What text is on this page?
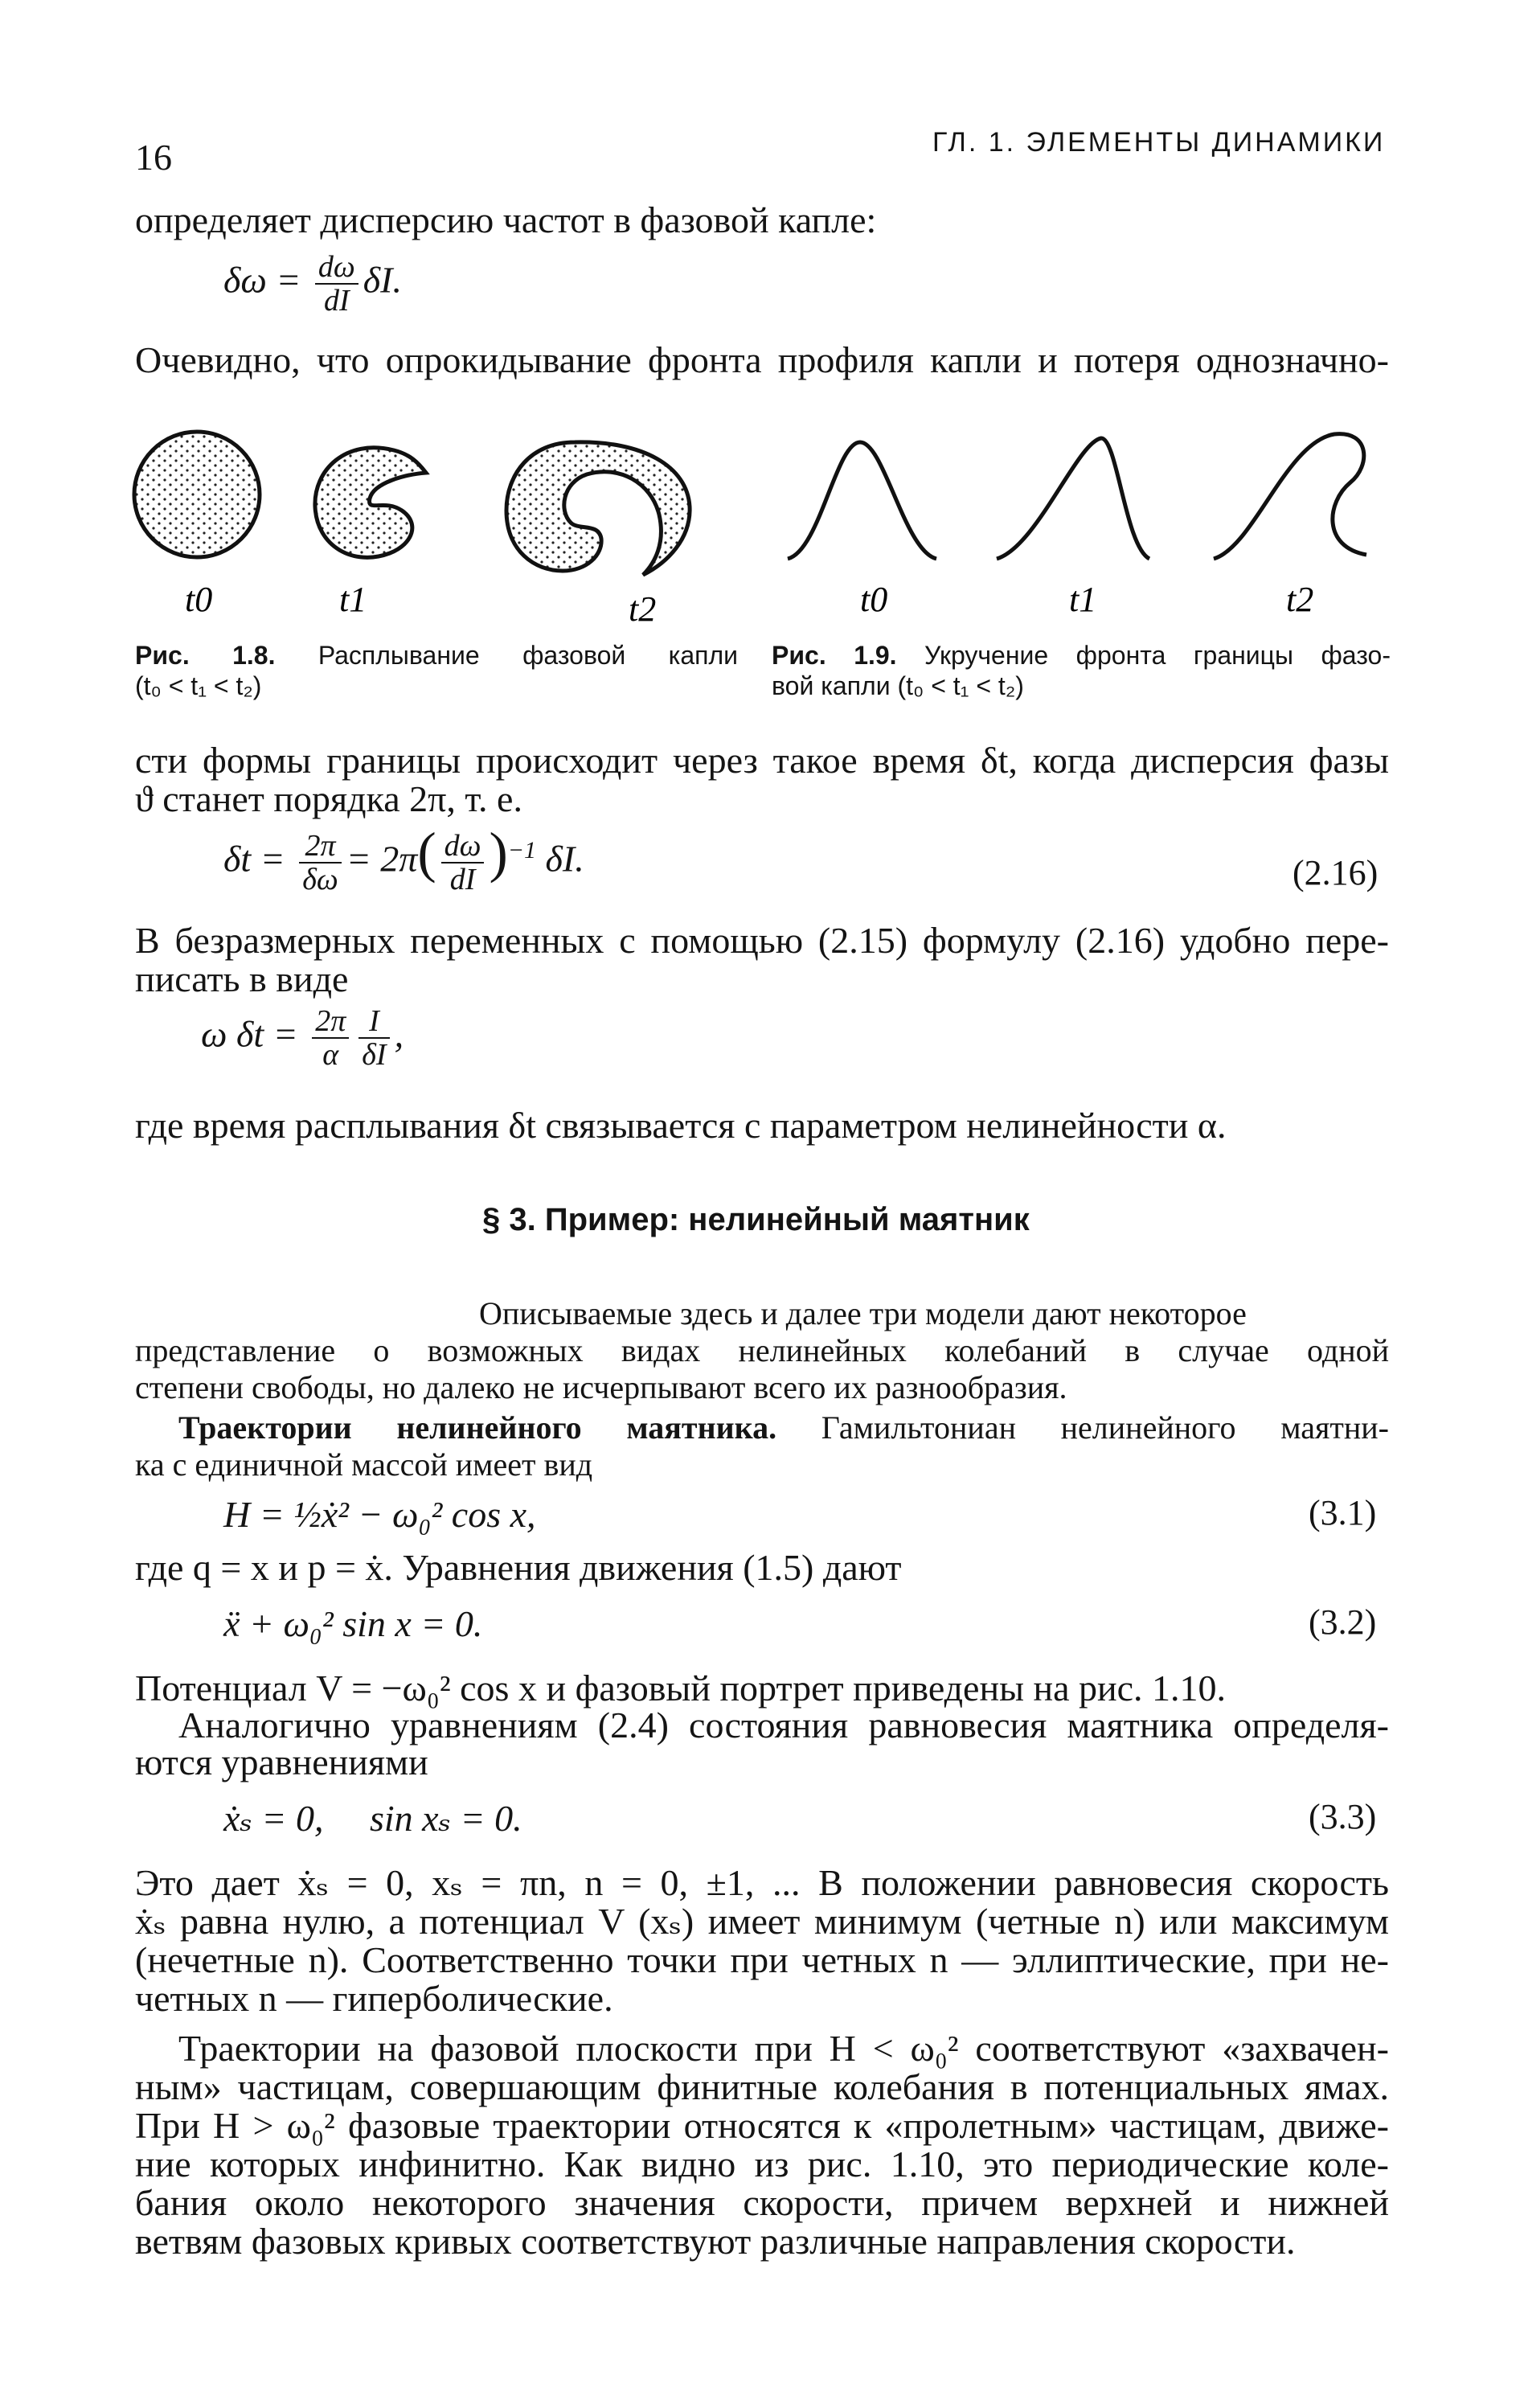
16	ГЛ. 1. ЭЛЕМЕНТЫ ДИНАМИКИ
определяет дисперсию частот в фазовой капле:
$\delta\omega = \frac{d\omega}{dI} \delta I$.
Очевидно, что опрокидывание фронта профиля капли и потеря однозначно-
t0	t1	t2	t0	t1	t2
Рис. 1.8. Расплывание фазовой капли
(t₀ < t₁ < t₂)
Рис. 1.9. Укручение фронта границы фазо-
вой капли (t₀ < t₁ < t₂)
сти формы границы происходит через такое время δt, когда дисперсия фазы
ϑ станет порядка 2π, т. е.
$\delta t = \frac{2\pi}{\delta\omega} = 2\pi( \frac{d\omega}{dI} )^{-1}$ δI.	(2.16)
В безразмерных переменных с помощью (2.15) формулу (2.16) удобно пере-
писать в виде
ω $\delta t = \frac{2\pi}{\alpha} \frac{I}{\delta I}$ ,
где время расплывания δt связывается с параметром нелинейности α.
§ 3. Пример: нелинейный маятник
Описываемые здесь и далее три модели дают некоторое
представление о возможных видах нелинейных колебаний в случае одной
степени свободы, но далеко не исчерпывают всего их разнообразия.
Траектории нелинейного маятника. Гамильтониан нелинейного маятни-
ка с единичной массой имеет вид
H = ½ẋ² − ω₀² cos x,	(3.1)
где q = x и p = ẋ. Уравнения движения (1.5) дают
ẍ + ω₀² sin x = 0.	(3.2)
Потенциал V = −ω₀² cos x и фазовый портрет приведены на рис. 1.10.
Аналогично уравнениям (2.4) состояния равновесия маятника определя-
ются уравнениями
ẋₛ = 0,     sin xₛ = 0.	(3.3)
Это дает ẋₛ = 0, xₛ = πn, n = 0, ±1, ... В положении равновесия скорость
ẋₛ равна нулю, а потенциал V (xₛ) имеет минимум (четные n) или максимум
(нечетные n). Соответственно точки при четных n — эллиптические, при не-
четных n — гиперболические.
Траектории на фазовой плоскости при H < ω₀² соответствуют «захвачен-
ным» частицам, совершающим финитные колебания в потенциальных ямах.
При H > ω₀² фазовые траектории относятся к «пролетным» частицам, движе-
ние которых инфинитно. Как видно из рис. 1.10, это периодические коле-
бания около некоторого значения скорости, причем верхней и нижней
ветвям фазовых кривых соответствуют различные направления скорости.
